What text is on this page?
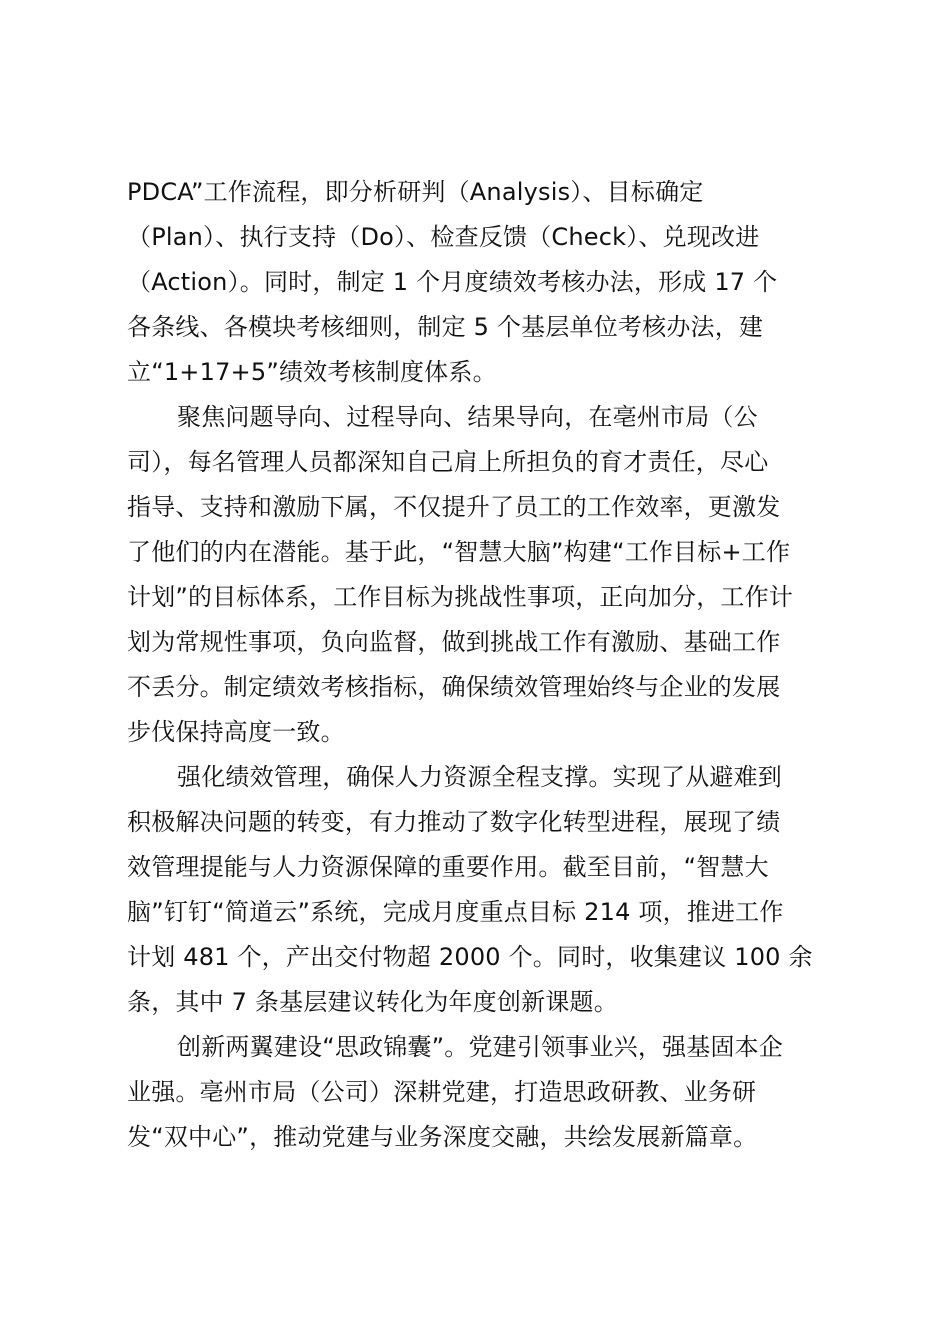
PDCA”工作流程，即分析研判（Analysis）、目标确定
（Plan）、执行支持（Do）、检查反馈（Check）、兑现改进
（Action）。同时，制定 1 个月度绩效考核办法，形成 17 个
各条线、各模块考核细则，制定 5 个基层单位考核办法，建
立“1+17+5”绩效考核制度体系。
聚焦问题导向、过程导向、结果导向，在亳州市局（公
司），每名管理人员都深知自己肩上所担负的育才责任，尽心
指导、支持和激励下属，不仅提升了员工的工作效率，更激发
了他们的内在潜能。基于此，“智慧大脑”构建“工作目标+工作
计划”的目标体系，工作目标为挑战性事项，正向加分，工作计
划为常规性事项，负向监督，做到挑战工作有激励、基础工作
不丢分。制定绩效考核指标，确保绩效管理始终与企业的发展
步伐保持高度一致。
强化绩效管理，确保人力资源全程支撑。实现了从避难到
积极解决问题的转变，有力推动了数字化转型进程，展现了绩
效管理提能与人力资源保障的重要作用。截至目前，“智慧大
脑”钉钉“简道云”系统，完成月度重点目标 214 项，推进工作
计划 481 个，产出交付物超 2000 个。同时，收集建议 100 余
条，其中 7 条基层建议转化为年度创新课题。
创新两翼建设“思政锦囊”。党建引领事业兴，强基固本企
业强。亳州市局（公司）深耕党建，打造思政研教、业务研
发“双中心”，推动党建与业务深度交融，共绘发展新篇章。
